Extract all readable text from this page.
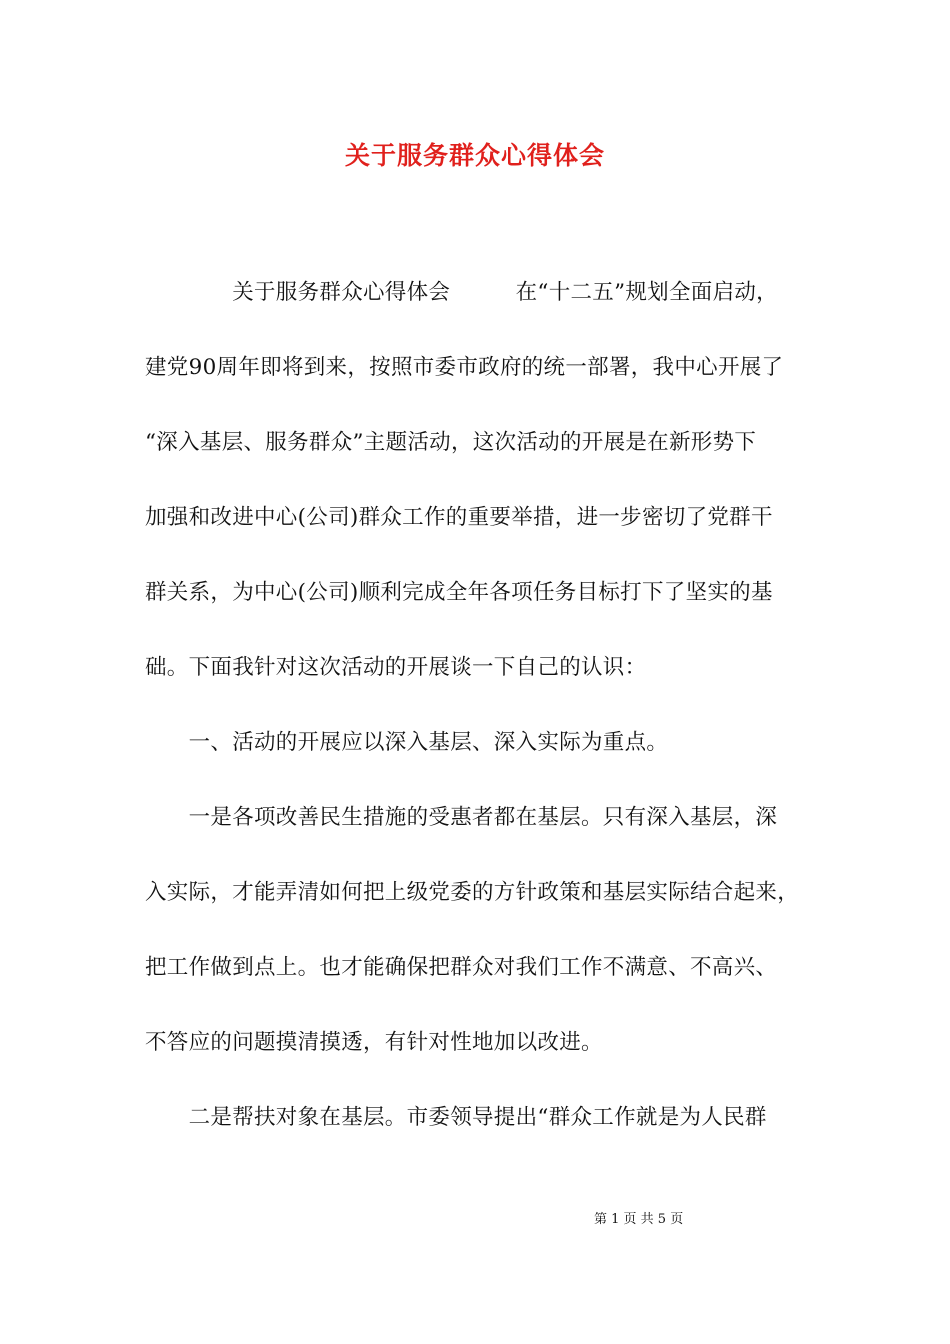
关于服务群众心得体会
　　　　关于服务群众心得体会　　　在“十二五”规划全面启动，
建党90周年即将到来，按照市委市政府的统一部署，我中心开展了
“深入基层、服务群众”主题活动，这次活动的开展是在新形势下
加强和改进中心(公司)群众工作的重要举措，进一步密切了党群干
群关系，为中心(公司)顺利完成全年各项任务目标打下了坚实的基
础。下面我针对这次活动的开展谈一下自己的认识：
　　一、活动的开展应以深入基层、深入实际为重点。
　　一是各项改善民生措施的受惠者都在基层。只有深入基层，深
入实际，才能弄清如何把上级党委的方针政策和基层实际结合起来，
把工作做到点上。也才能确保把群众对我们工作不满意、不高兴、
不答应的问题摸清摸透，有针对性地加以改进。
　　二是帮扶对象在基层。市委领导提出“群众工作就是为人民群
第 1 页 共 5 页
